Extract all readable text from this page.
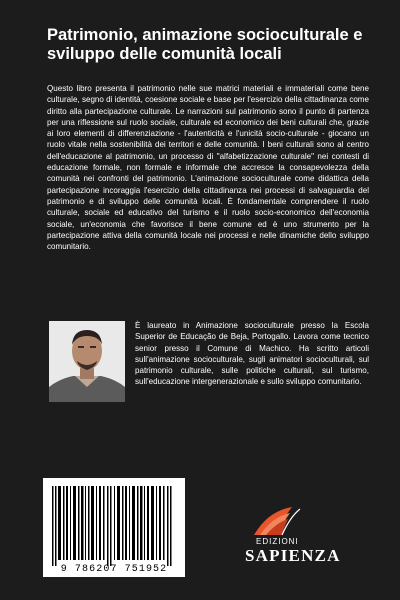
Patrimonio, animazione socioculturale e sviluppo delle comunità locali

Questo libro presenta il patrimonio nelle sue matrici materiali e immateriali come bene culturale, segno di identità, coesione sociale e base per l'esercizio della cittadinanza come diritto alla partecipazione culturale. Le narrazioni sul patrimonio sono il punto di partenza per una riflessione sul ruolo sociale, culturale ed economico dei beni culturali che, grazie ai loro elementi di differenziazione - l'autenticità e l'unicità socio-culturale - giocano un ruolo vitale nella sostenibilità dei territori e delle comunità. I beni culturali sono al centro dell'educazione al patrimonio, un processo di "alfabetizzazione culturale" nei contesti di educazione formale, non formale e informale che accresce la consapevolezza della comunità nei confronti del patrimonio. L'animazione socioculturale come didattica della partecipazione incoraggia l'esercizio della cittadinanza nei processi di salvaguardia del patrimonio e di sviluppo delle comunità locali. È fondamentale comprendere il ruolo culturale, sociale ed educativo del turismo e il ruolo socio-economico dell'economia sociale, un'economia che favorisce il bene comune ed è uno strumento per la partecipazione attiva della comunità locale nei processi e nelle dinamiche dello sviluppo comunitario.

È laureato in Animazione socioculturale presso la Escola Superior de Educação de Beja, Portogallo. Lavora come tecnico senior presso il Comune di Machico. Ha scritto articoli sull'animazione socioculturale, sugli animatori socioculturali, sul patrimonio culturale, sulle politiche culturali, sul turismo, sull'educazione intergenerazionale e sullo sviluppo comunitario.

9 786207 751952
EDIZIONI
SAPIENZA
